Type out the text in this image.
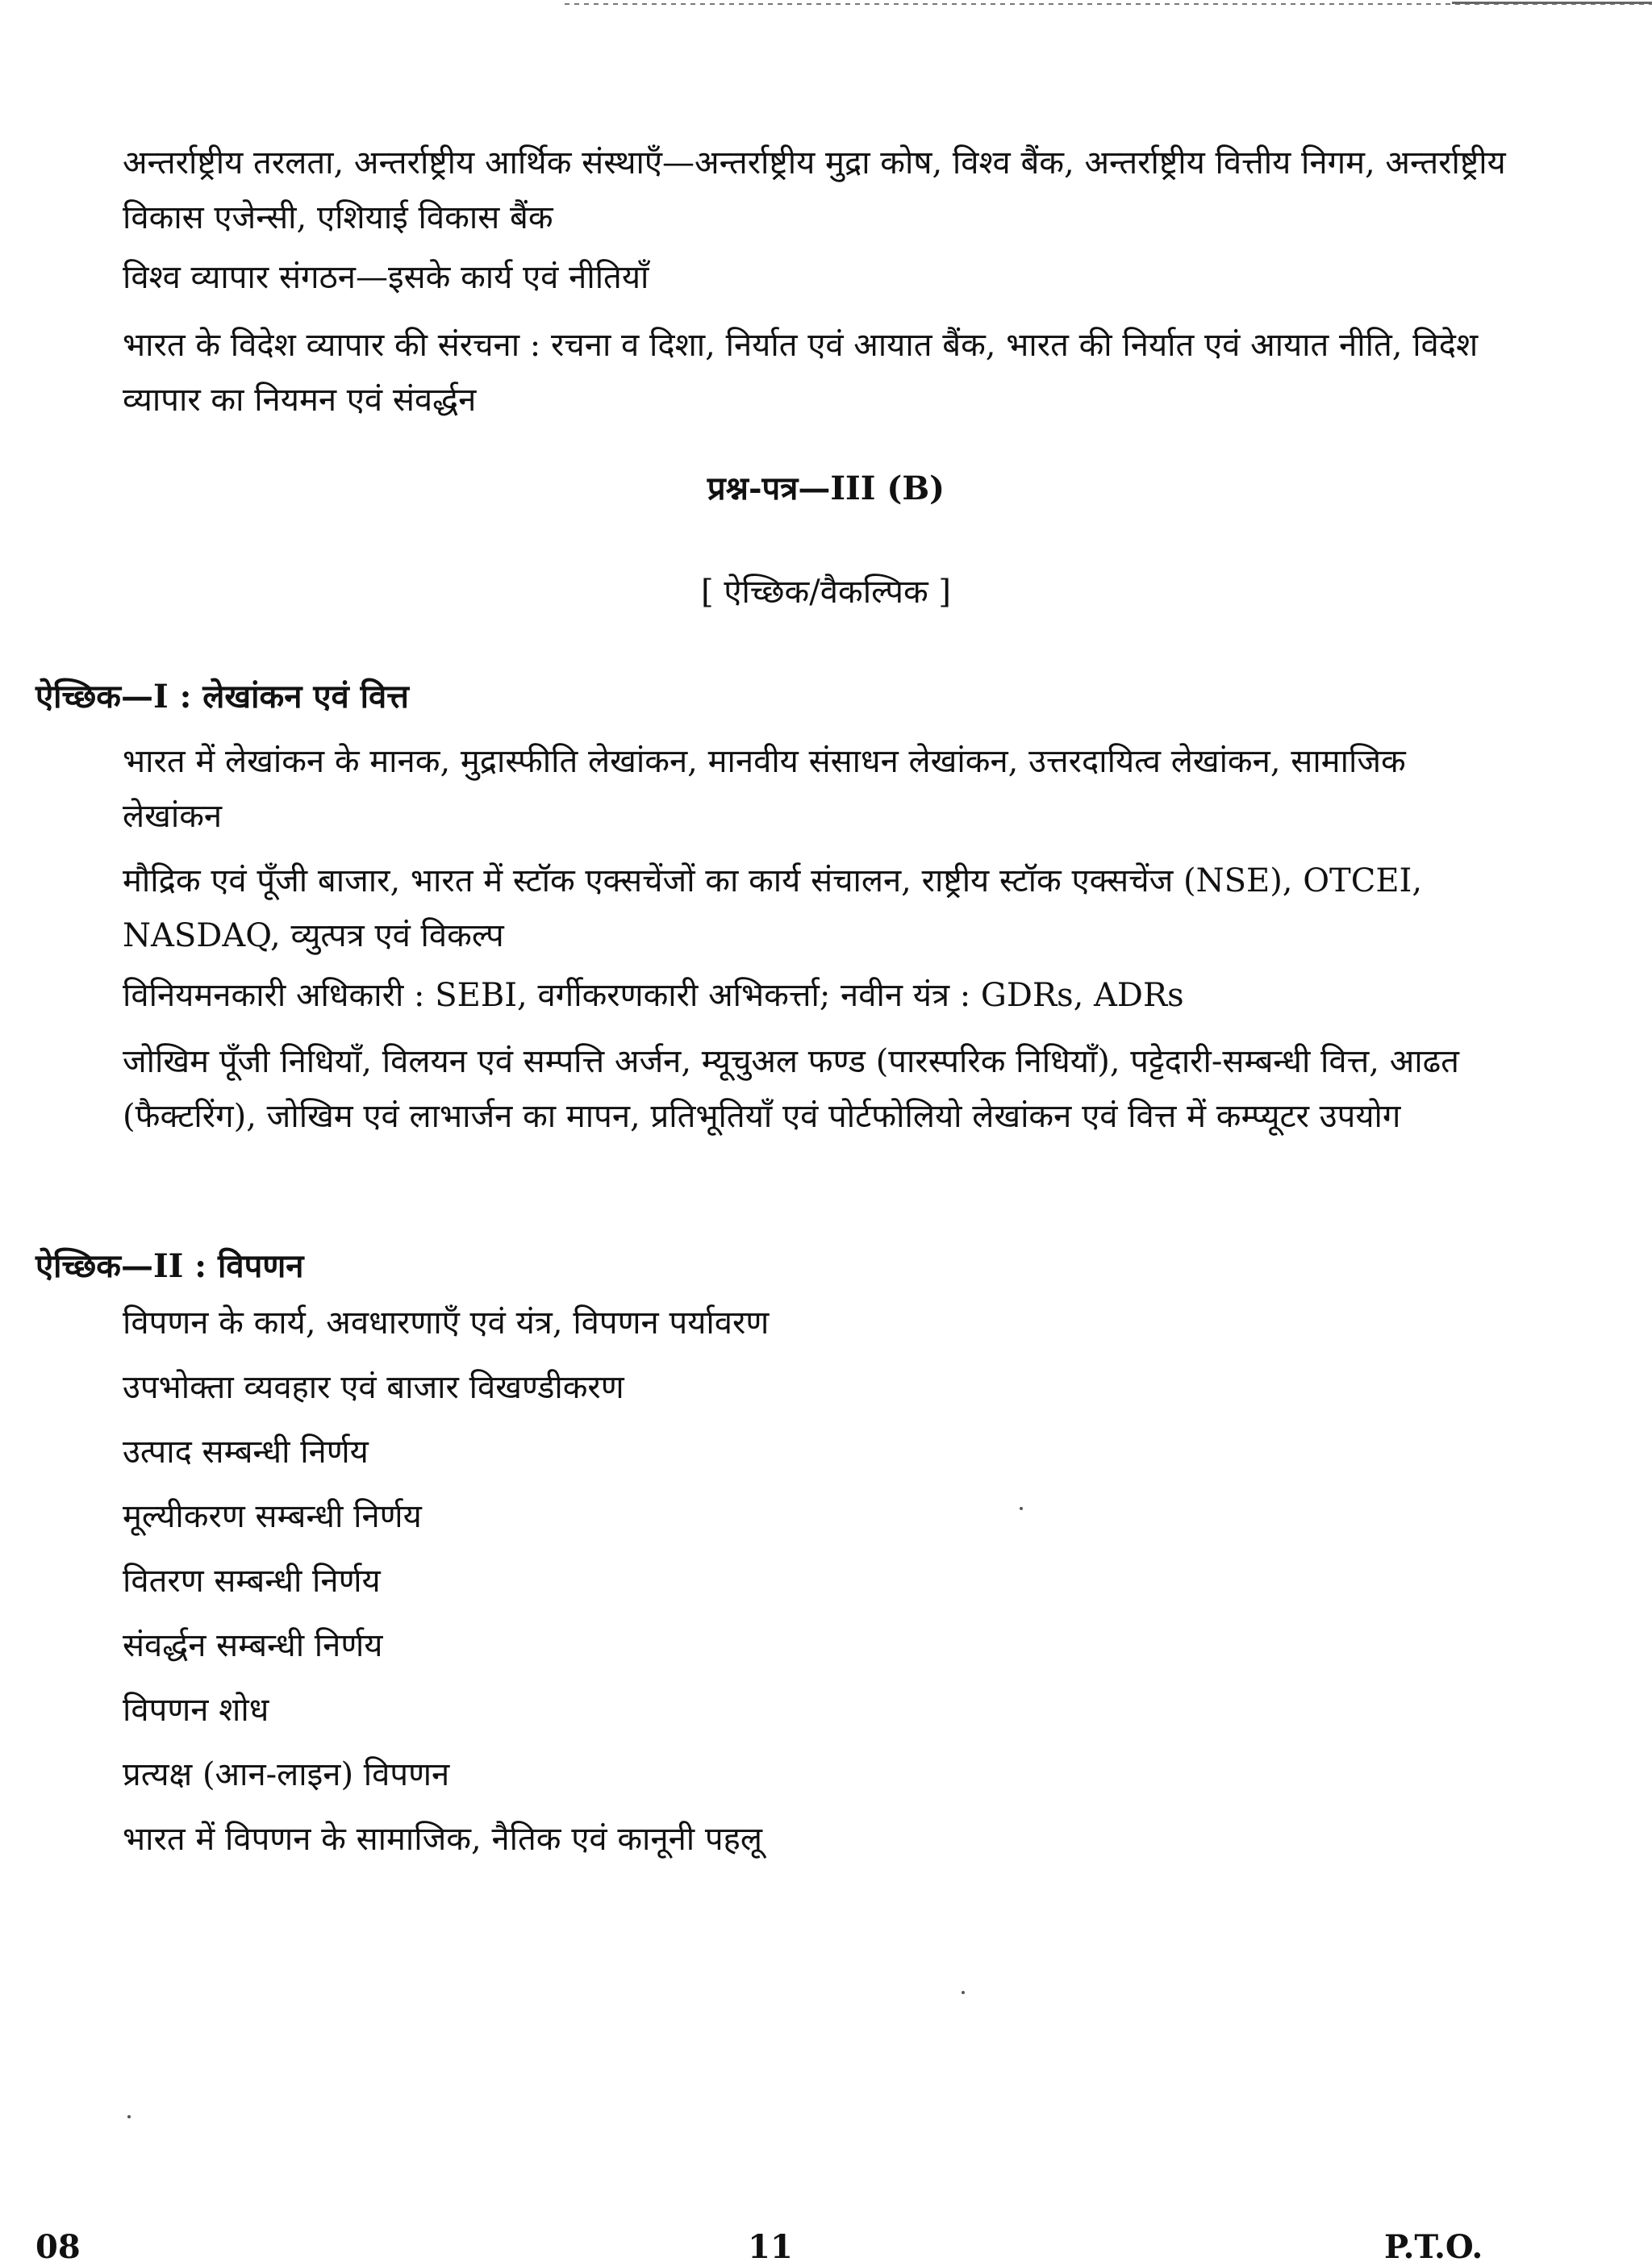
अन्तर्राष्ट्रीय तरलता, अन्तर्राष्ट्रीय आर्थिक संस्थाएँ—अन्तर्राष्ट्रीय मुद्रा कोष, विश्व बैंक, अन्तर्राष्ट्रीय वित्तीय निगम, अन्तर्राष्ट्रीय विकास एजेन्सी, एशियाई विकास बैंक

विश्व व्यापार संगठन—इसके कार्य एवं नीतियाँ

भारत के विदेश व्यापार की संरचना : रचना व दिशा, निर्यात एवं आयात बैंक, भारत की निर्यात एवं आयात नीति, विदेश व्यापार का नियमन एवं संवर्द्धन

प्रश्न-पत्र—III (B)

[ ऐच्छिक/वैकल्पिक ]

ऐच्छिक—I : लेखांकन एवं वित्त

भारत में लेखांकन के मानक, मुद्रास्फीति लेखांकन, मानवीय संसाधन लेखांकन, उत्तरदायित्व लेखांकन, सामाजिक लेखांकन

मौद्रिक एवं पूँजी बाजार, भारत में स्टॉक एक्सचेंजों का कार्य संचालन, राष्ट्रीय स्टॉक एक्सचेंज (NSE), OTCEI, NASDAQ, व्युत्पत्र एवं विकल्प

विनियमनकारी अधिकारी : SEBI, वर्गीकरणकारी अभिकर्त्ता; नवीन यंत्र : GDRs, ADRs

जोखिम पूँजी निधियाँ, विलयन एवं सम्पत्ति अर्जन, म्यूचुअल फण्ड (पारस्परिक निधियाँ), पट्टेदारी-सम्बन्धी वित्त, आढत (फैक्टरिंग), जोखिम एवं लाभार्जन का मापन, प्रतिभूतियाँ एवं पोर्टफोलियो लेखांकन एवं वित्त में कम्प्यूटर उपयोग

ऐच्छिक—II : विपणन

विपणन के कार्य, अवधारणाएँ एवं यंत्र, विपणन पर्यावरण
उपभोक्ता व्यवहार एवं बाजार विखण्डीकरण
उत्पाद सम्बन्धी निर्णय
मूल्यीकरण सम्बन्धी निर्णय
वितरण सम्बन्धी निर्णय
संवर्द्धन सम्बन्धी निर्णय
विपणन शोध
प्रत्यक्ष (आन-लाइन) विपणन
भारत में विपणन के सामाजिक, नैतिक एवं कानूनी पहलू
08	11	P.T.O.
